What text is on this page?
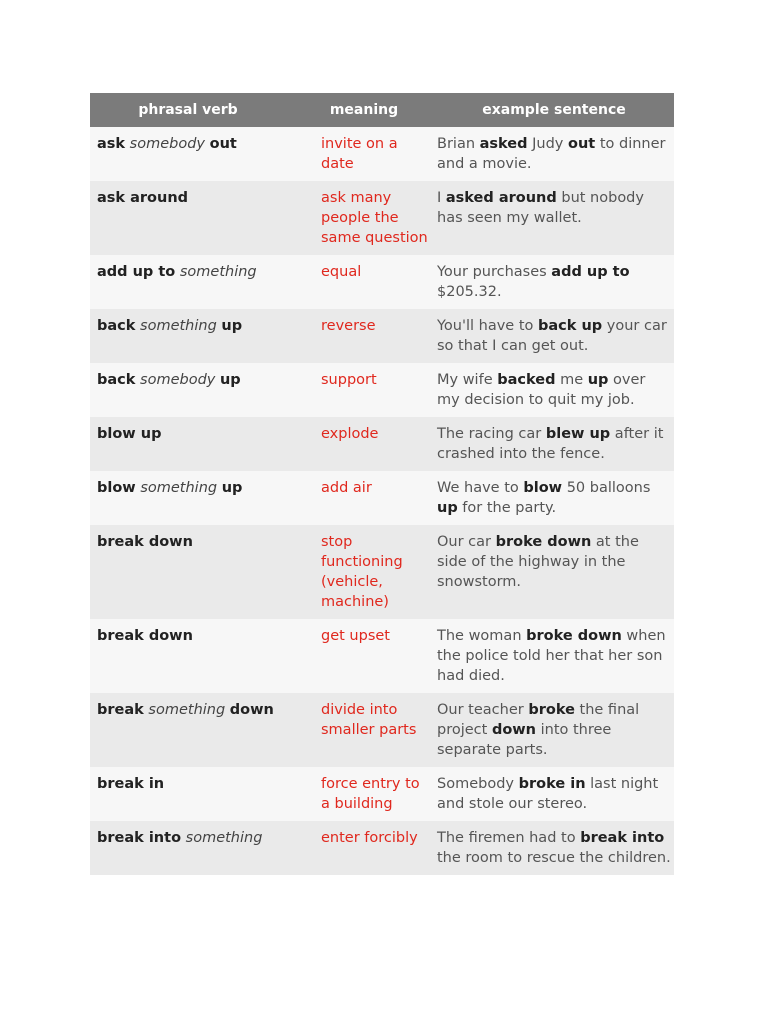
phrasal verb	meaning	example sentence
ask somebody out	invite on a date	Brian asked Judy out to dinner and a movie.
ask around	ask many people the same question	I asked around but nobody has seen my wallet.
add up to something	equal	Your purchases add up to $205.32.
back something up	reverse	You'll have to back up your car so that I can get out.
back somebody up	support	My wife backed me up over my decision to quit my job.
blow up	explode	The racing car blew up after it crashed into the fence.
blow something up	add air	We have to blow 50 balloons up for the party.
break down	stop functioning (vehicle, machine)	Our car broke down at the side of the highway in the snowstorm.
break down	get upset	The woman broke down when the police told her that her son had died.
break something down	divide into smaller parts	Our teacher broke the final project down into three separate parts.
break in	force entry to a building	Somebody broke in last night and stole our stereo.
break into something	enter forcibly	The firemen had to break into the room to rescue the children.
